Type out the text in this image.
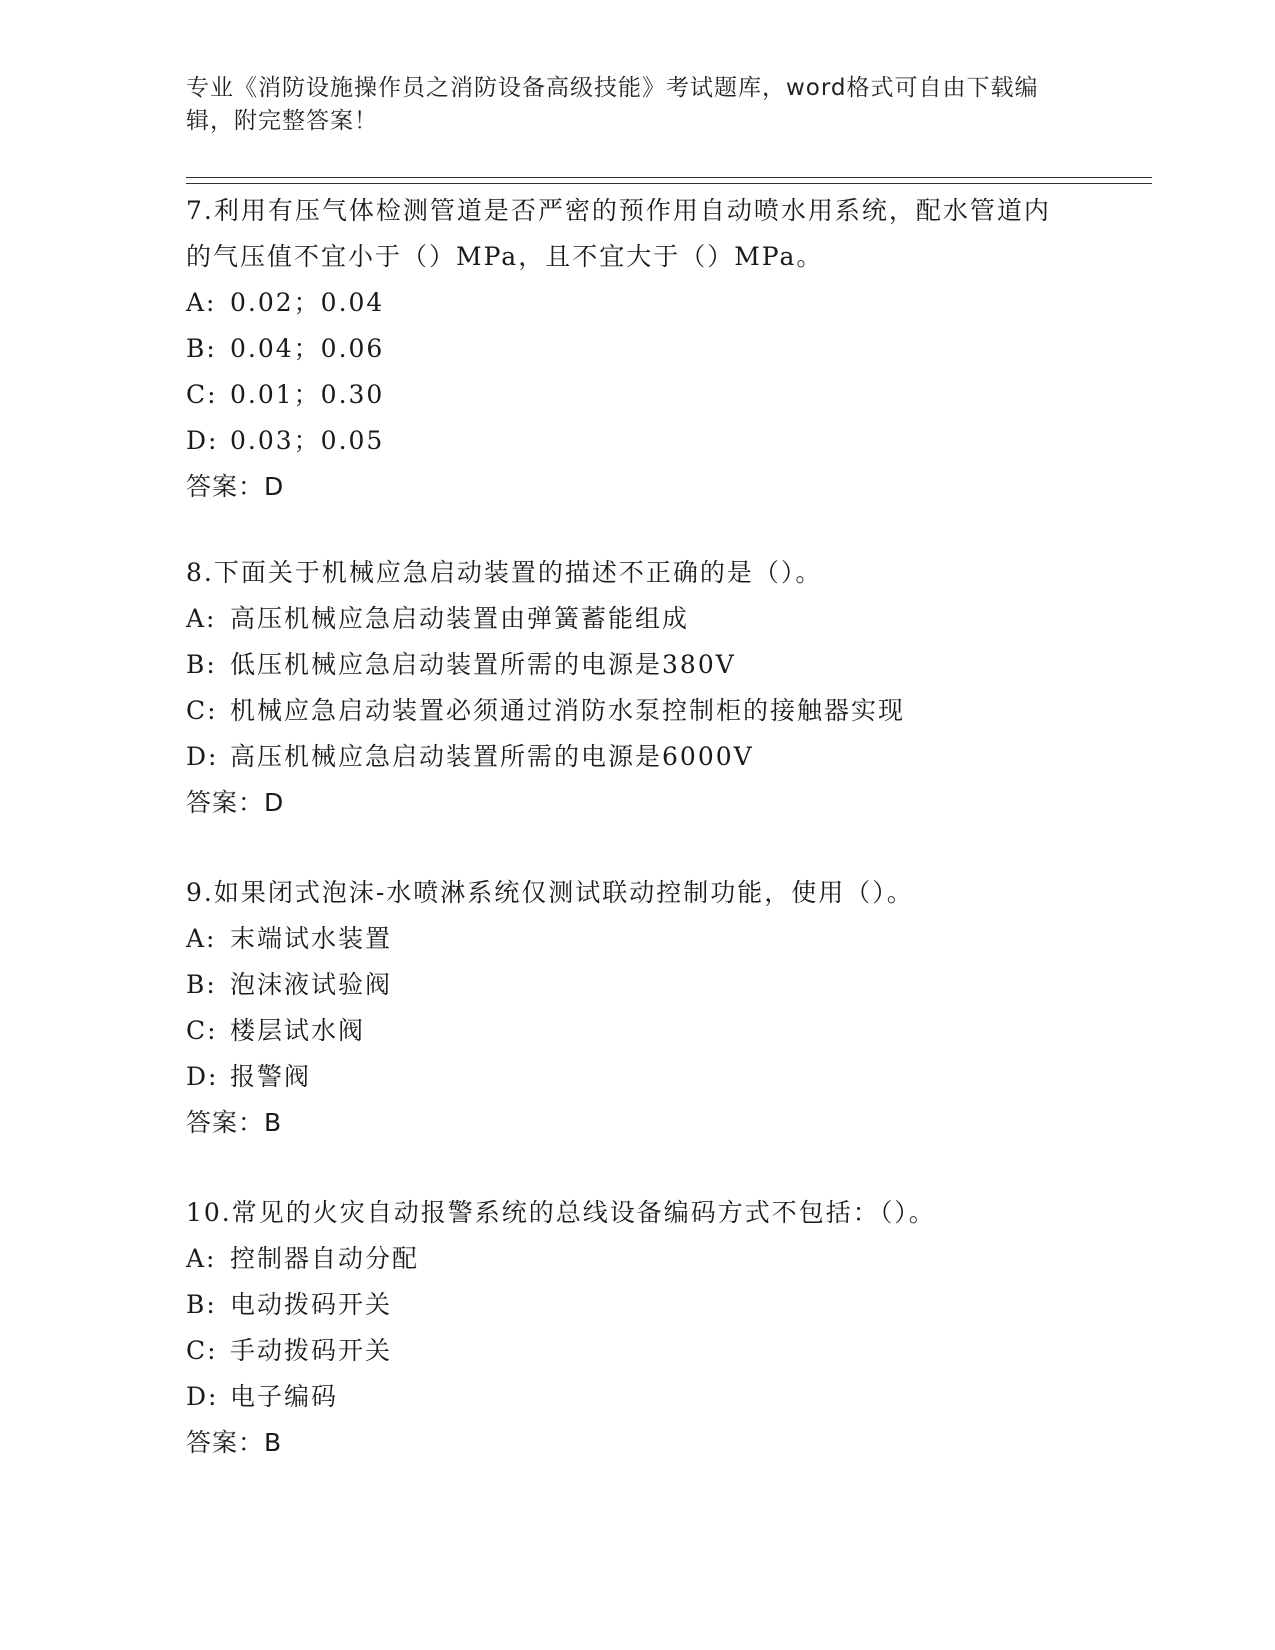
专业《消防设施操作员之消防设备高级技能》考试题库，word格式可自由下载编辑，附完整答案！

7.利用有压气体检测管道是否严密的预作用自动喷水用系统，配水管道内的气压值不宜小于（）MPa，且不宜大于（）MPa。

A: 0.02；0.04

B: 0.04；0.06

C: 0.01；0.30

D: 0.03；0.05

答案：D

8.下面关于机械应急启动装置的描述不正确的是（）。

A: 高压机械应急启动装置由弹簧蓄能组成

B: 低压机械应急启动装置所需的电源是380V

C: 机械应急启动装置必须通过消防水泵控制柜的接触器实现

D: 高压机械应急启动装置所需的电源是6000V

答案：D

9.如果闭式泡沫-水喷淋系统仅测试联动控制功能，使用（）。

A: 末端试水装置

B: 泡沫液试验阀

C: 楼层试水阀

D: 报警阀

答案：B

10.常见的火灾自动报警系统的总线设备编码方式不包括：（）。

A: 控制器自动分配

B: 电动拨码开关

C: 手动拨码开关

D: 电子编码

答案：B
